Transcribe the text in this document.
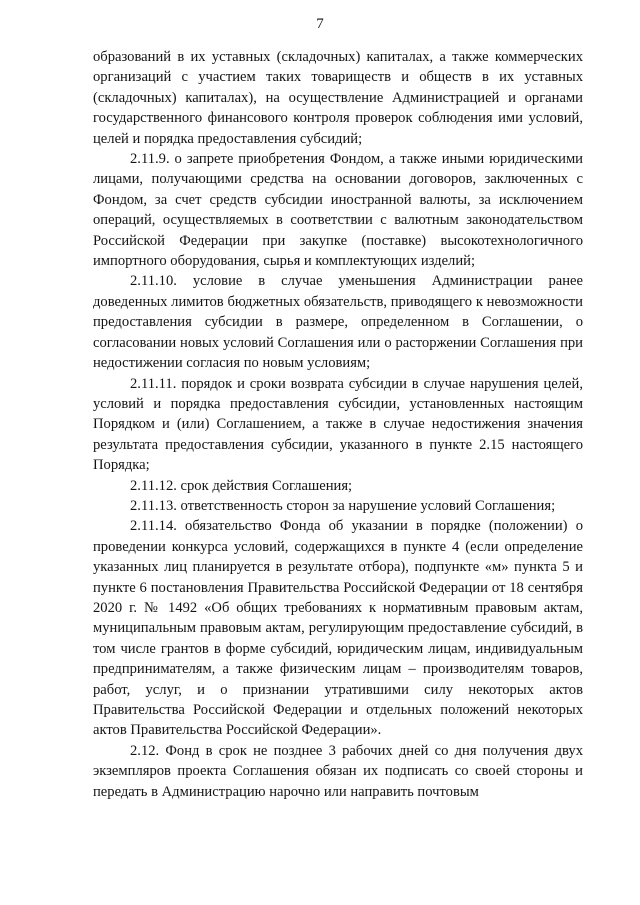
7

образований в их уставных (складочных) капиталах, а также коммерческих организаций с участием таких товариществ и обществ в их уставных (складочных) капиталах), на осуществление Администрацией и органами государственного финансового контроля проверок соблюдения ими условий, целей и порядка предоставления субсидий;

2.11.9. о запрете приобретения Фондом, а также иными юридическими лицами, получающими средства на основании договоров, заключенных с Фондом, за счет средств субсидии иностранной валюты, за исключением операций, осуществляемых в соответствии с валютным законодательством Российской Федерации при закупке (поставке) высокотехнологичного импортного оборудования, сырья и комплектующих изделий;

2.11.10. условие в случае уменьшения Администрации ранее доведенных лимитов бюджетных обязательств, приводящего к невозможности предоставления субсидии в размере, определенном в Соглашении, о согласовании новых условий Соглашения или о расторжении Соглашения при недостижении согласия по новым условиям;

2.11.11. порядок и сроки возврата субсидии в случае нарушения целей, условий и порядка предоставления субсидии, установленных настоящим Порядком и (или) Соглашением, а также в случае недостижения значения результата предоставления субсидии, указанного в пункте 2.15 настоящего Порядка;

2.11.12. срок действия Соглашения;

2.11.13. ответственность сторон за нарушение условий Соглашения;

2.11.14. обязательство Фонда об указании в порядке (положении) о проведении конкурса условий, содержащихся в пункте 4 (если определение указанных лиц планируется в результате отбора), подпункте «м» пункта 5 и пункте 6 постановления Правительства Российской Федерации от 18 сентября 2020 г. № 1492 «Об общих требованиях к нормативным правовым актам, муниципальным правовым актам, регулирующим предоставление субсидий, в том числе грантов в форме субсидий, юридическим лицам, индивидуальным предпринимателям, а также физическим лицам – производителям товаров, работ, услуг, и о признании утратившими силу некоторых актов Правительства Российской Федерации и отдельных положений некоторых актов Правительства Российской Федерации».

2.12. Фонд в срок не позднее 3 рабочих дней со дня получения двух экземпляров проекта Соглашения обязан их подписать со своей стороны и передать в Администрацию нарочно или направить почтовым
